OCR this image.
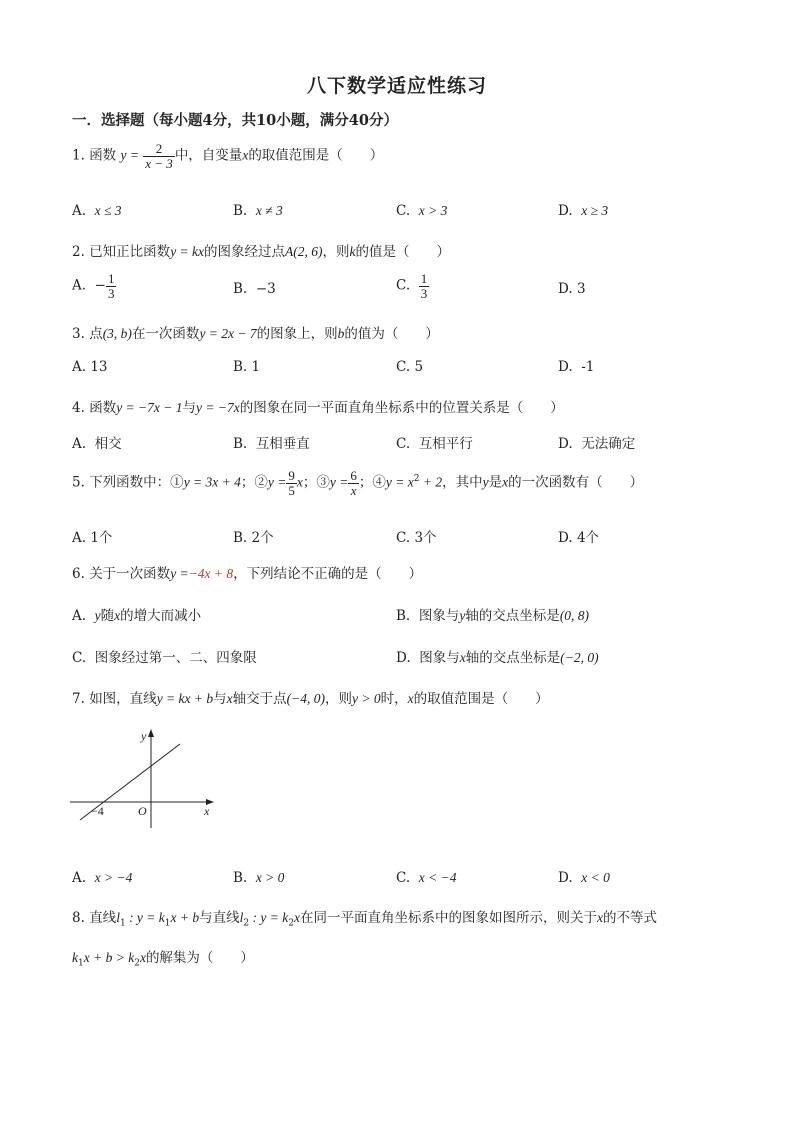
八下数学适应性练习
一．选择题（每小题4分，共10小题，满分40分）
1. 函数 $y = \frac{2}{x - 3}$ 中，自变量x的取值范围是（　　）
A. x ≤ 3	B. x ≠ 3	C. x > 3	D. x ≥ 3
2. 已知正比函数y = kx的图象经过点A(2, 6)，则k的值是（　　）
A. − $\frac{1}{3}$	B. −3	C. $\frac{1}{3}$	D. 3
3. 点(3, b)在一次函数y = 2x − 7的图象上，则b的值为（　　）
A. 13	B. 1	C. 5	D. -1
4. 函数y = −7x − 1与y = −7x的图象在同一平面直角坐标系中的位置关系是（　　）
A. 相交	B. 互相垂直	C. 互相平行	D. 无法确定
5. 下列函数中：①y = 3x + 4；②y = $\frac{9}{5}$ x；③y = $\frac{6}{x}$ ；④y = $x^2 + 2$，其中y是x的一次函数有（　　）
A. 1个	B. 2个	C. 3个	D. 4个
6. 关于一次函数y =−4x + 8，下列结论不正确的是（　　）
A. y随x的增大而减小	B. 图象与y轴的交点坐标是(0, 8)
C. 图象经过第一、二、四象限	D. 图象与x轴的交点坐标是(−2, 0)
7. 如图，直线y = kx + b与x轴交于点(−4, 0)，则y > 0时，x的取值范围是（　　）
y
x
O
−4
A. x > −4	B. x > 0	C. x < −4	D. x < 0
8. 直线$l_1$ : $y = k_1x + b$与直线$l_2$ : $y = k_2x$在同一平面直角坐标系中的图象如图所示，则关于x的不等式
$k_1x + b > k_2x$的解集为（　　）
